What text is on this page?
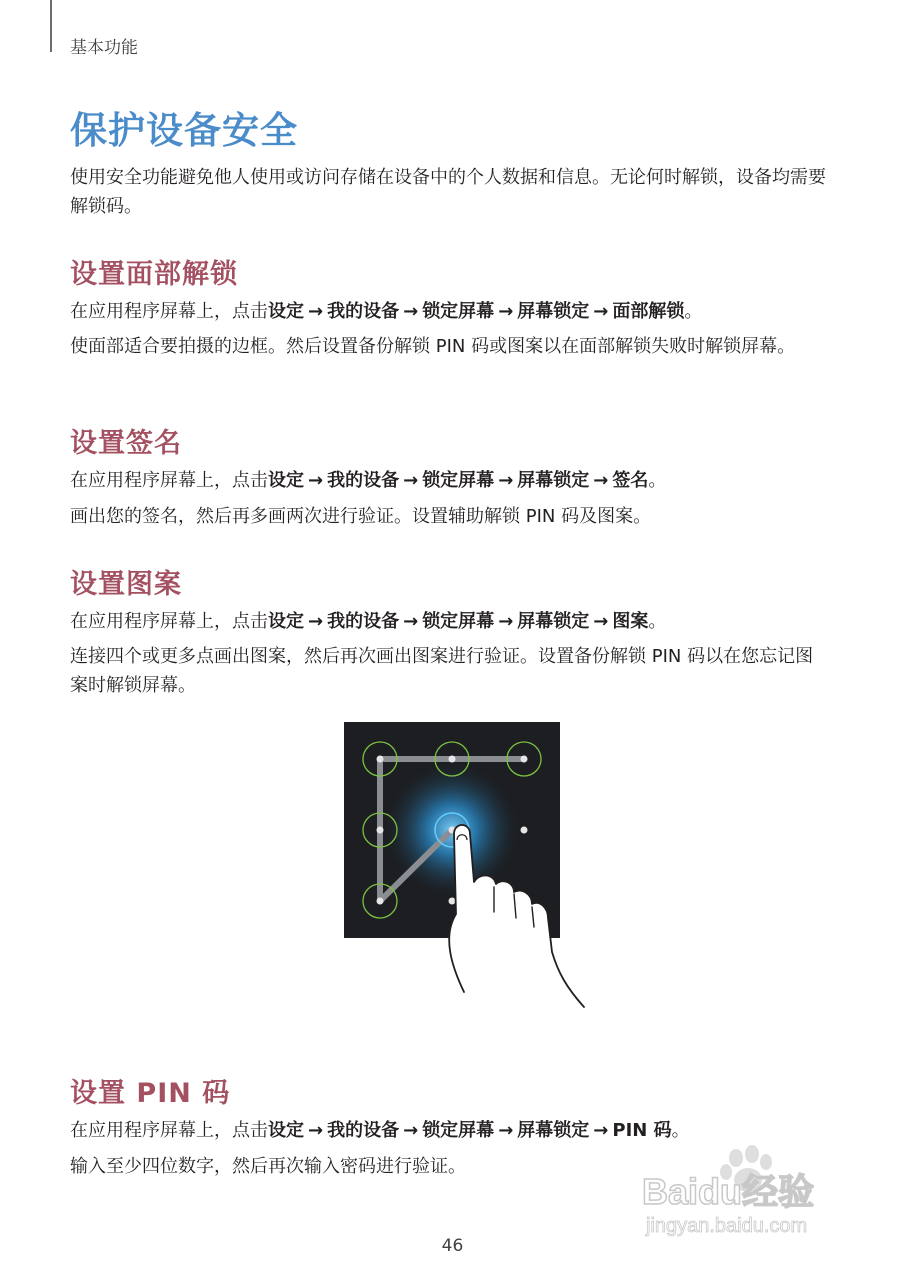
基本功能
保护设备安全
使用安全功能避免他人使用或访问存储在设备中的个人数据和信息。无论何时解锁，设备均需要解锁码。
设置面部解锁
在应用程序屏幕上，点击设定 → 我的设备 → 锁定屏幕 → 屏幕锁定 → 面部解锁。
使面部适合要拍摄的边框。然后设置备份解锁 PIN 码或图案以在面部解锁失败时解锁屏幕。
设置签名
在应用程序屏幕上，点击设定 → 我的设备 → 锁定屏幕 → 屏幕锁定 → 签名。
画出您的签名，然后再多画两次进行验证。设置辅助解锁 PIN 码及图案。
设置图案
在应用程序屏幕上，点击设定 → 我的设备 → 锁定屏幕 → 屏幕锁定 → 图案。
连接四个或更多点画出图案，然后再次画出图案进行验证。设置备份解锁 PIN 码以在您忘记图案时解锁屏幕。
设置 PIN 码
在应用程序屏幕上，点击设定 → 我的设备 → 锁定屏幕 → 屏幕锁定 → PIN 码。
输入至少四位数字，然后再次输入密码进行验证。
Baidu经验
jingyan.baidu.com
46
